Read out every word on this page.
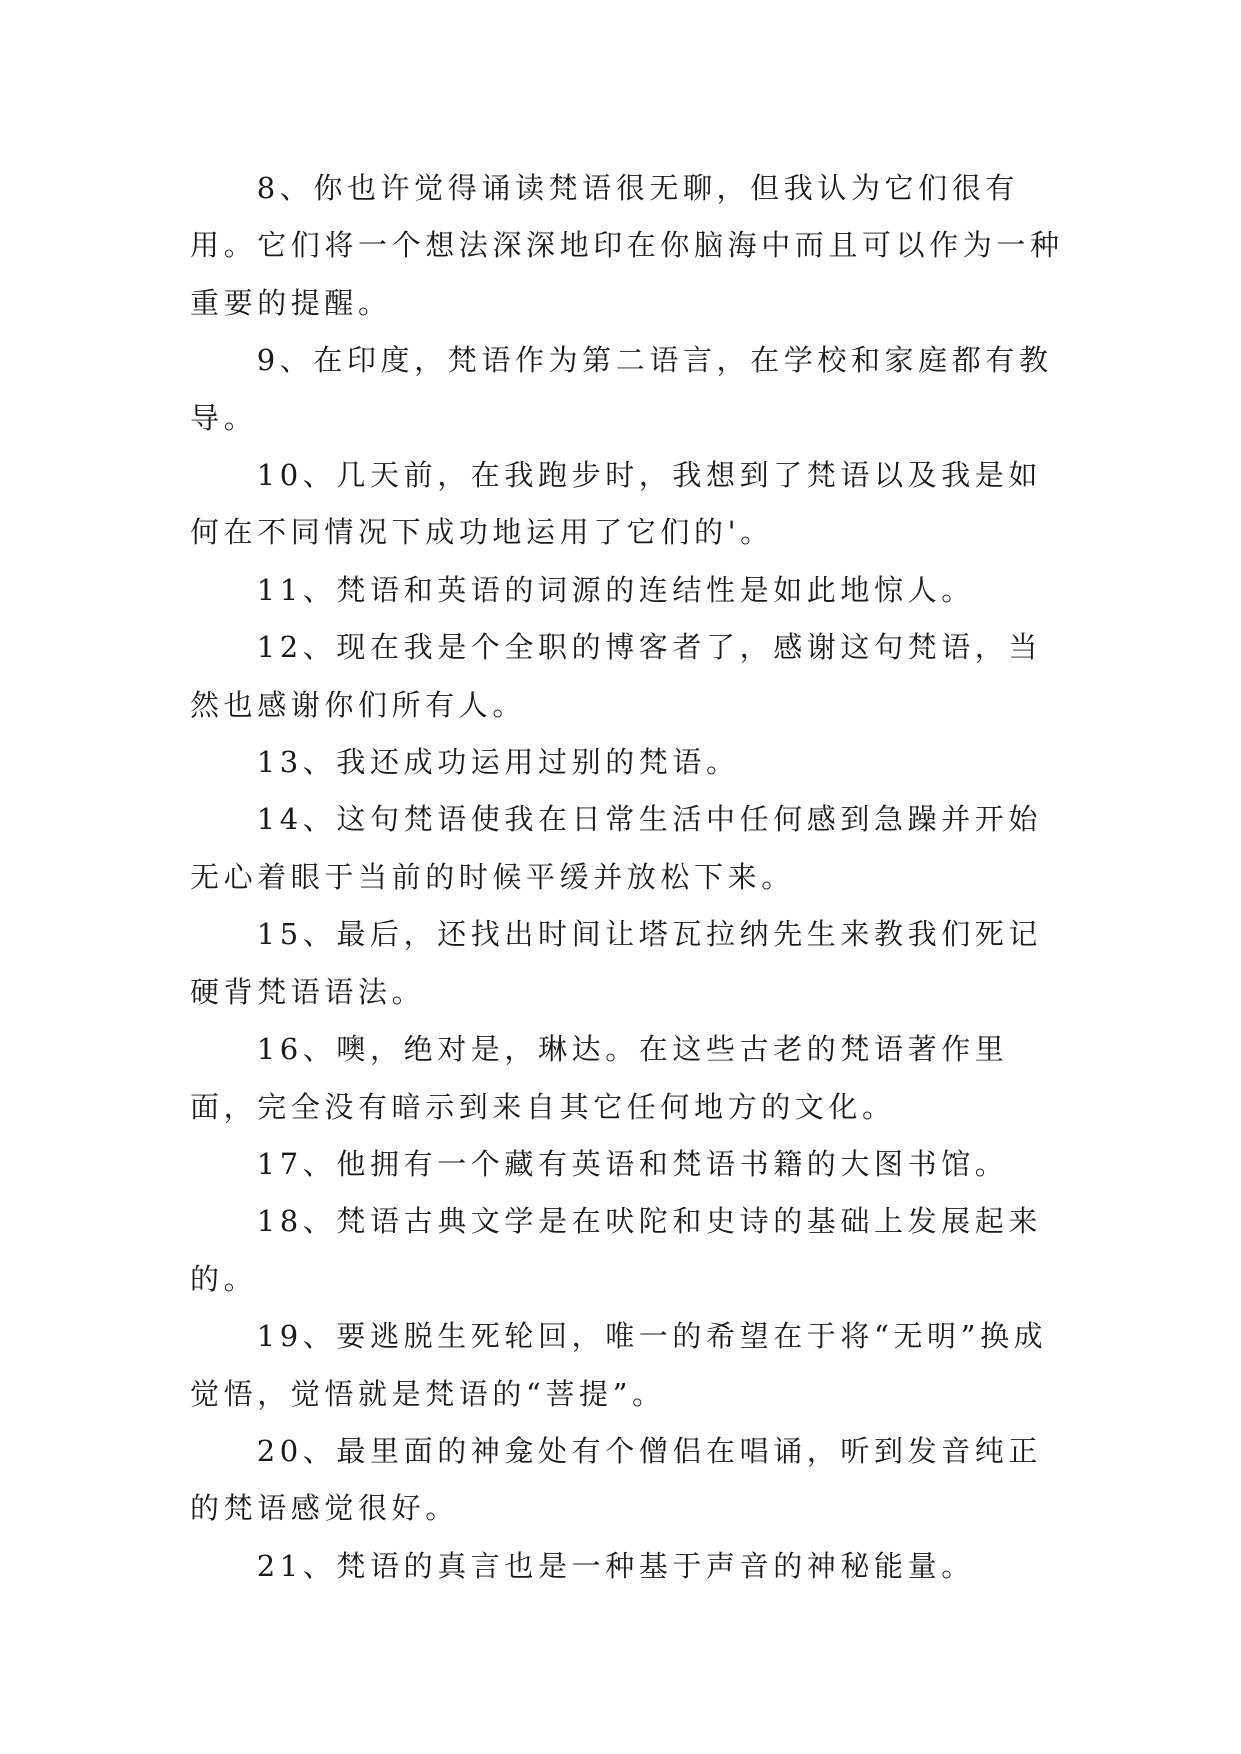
8、你也许觉得诵读梵语很无聊，但我认为它们很有用。它们将一个想法深深地印在你脑海中而且可以作为一种重要的提醒。

9、在印度，梵语作为第二语言，在学校和家庭都有教导。

10、几天前，在我跑步时，我想到了梵语以及我是如何在不同情况下成功地运用了它们的'。

11、梵语和英语的词源的连结性是如此地惊人。

12、现在我是个全职的博客者了，感谢这句梵语，当然也感谢你们所有人。

13、我还成功运用过别的梵语。

14、这句梵语使我在日常生活中任何感到急躁并开始无心着眼于当前的时候平缓并放松下来。

15、最后，还找出时间让塔瓦拉纳先生来教我们死记硬背梵语语法。

16、噢，绝对是，琳达。在这些古老的梵语著作里面，完全没有暗示到来自其它任何地方的文化。

17、他拥有一个藏有英语和梵语书籍的大图书馆。

18、梵语古典文学是在吠陀和史诗的基础上发展起来的。

19、要逃脱生死轮回，唯一的希望在于将“无明”换成觉悟，觉悟就是梵语的“菩提”。

20、最里面的神龛处有个僧侣在唱诵，听到发音纯正的梵语感觉很好。

21、梵语的真言也是一种基于声音的神秘能量。
